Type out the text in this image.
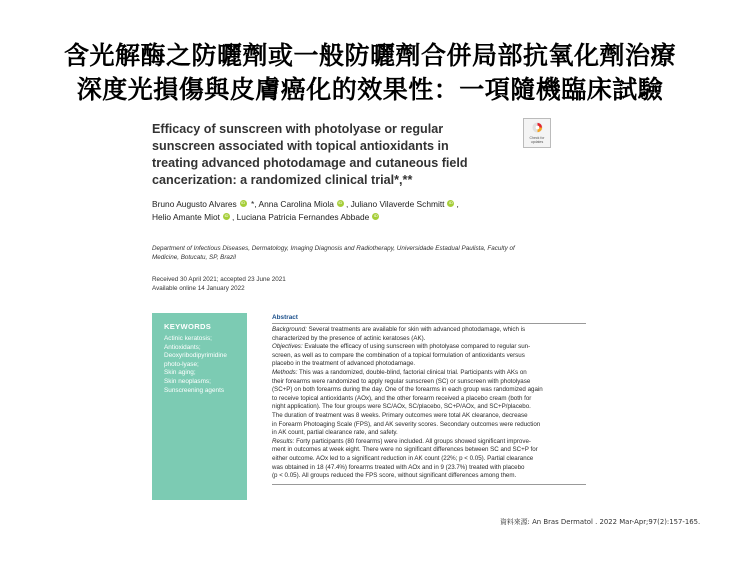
含光解酶之防曬劑或一般防曬劑合併局部抗氧化劑治療
深度光損傷與皮膚癌化的效果性：一項隨機臨床試驗
Efficacy of sunscreen with photolyase or regular
sunscreen associated with topical antioxidants in
treating advanced photodamage and cutaneous field
cancerization: a randomized clinical trial*,**
Check for updates
Bruno Augusto AlvaresiD *, Anna Carolina Miola iD , Juliano Vilaverde Schmitt iD ,
Helio Amante Miot iD , Luciana Patricia Fernandes AbbadeiD
Department of Infectious Diseases, Dermatology, Imaging Diagnosis and Radiotherapy, Universidade Estadual Paulista, Faculty of
Medicine, Botucatu, SP, Brazil
Received 30 April 2021; accepted 23 June 2021
Available online 14 January 2022
KEYWORDS
Actinic keratosis;
Antioxidants;
Deoxyribodipyrimidine
photo-lyase;
Skin aging;
Skin neoplasms;
Sunscreening agents
Abstract
Background: Several treatments are available for skin with advanced photodamage, which is
characterized by the presence of actinic keratoses (AK).
Objectives: Evaluate the efficacy of using sunscreen with photolyase compared to regular sun-
screen, as well as to compare the combination of a topical formulation of antioxidants versus
placebo in the treatment of advanced photodamage.
Methods: This was a randomized, double-blind, factorial clinical trial. Participants with AKs on
their forearms were randomized to apply regular sunscreen (SC) or sunscreen with photolyase
(SC+P) on both forearms during the day. One of the forearms in each group was randomized again
to receive topical antioxidants (AOx), and the other forearm received a placebo cream (both for
night application). The four groups were SC/AOx, SC/placebo, SC+P/AOx, and SC+P/placebo.
The duration of treatment was 8 weeks. Primary outcomes were total AK clearance, decrease
in Forearm Photoaging Scale (FPS), and AK severity scores. Secondary outcomes were reduction
in AK count, partial clearance rate, and safety.
Results: Forty participants (80 forearms) were included. All groups showed significant improve-
ment in outcomes at week eight. There were no significant differences between SC and SC+P for
either outcome. AOx led to a significant reduction in AK count (22%; p < 0.05). Partial clearance
was obtained in 18 (47.4%) forearms treated with AOx and in 9 (23.7%) treated with placebo
(p < 0.05). All groups reduced the FPS score, without significant differences among them.
資料來源: An Bras Dermatol . 2022 Mar-Apr;97(2):157-165.
